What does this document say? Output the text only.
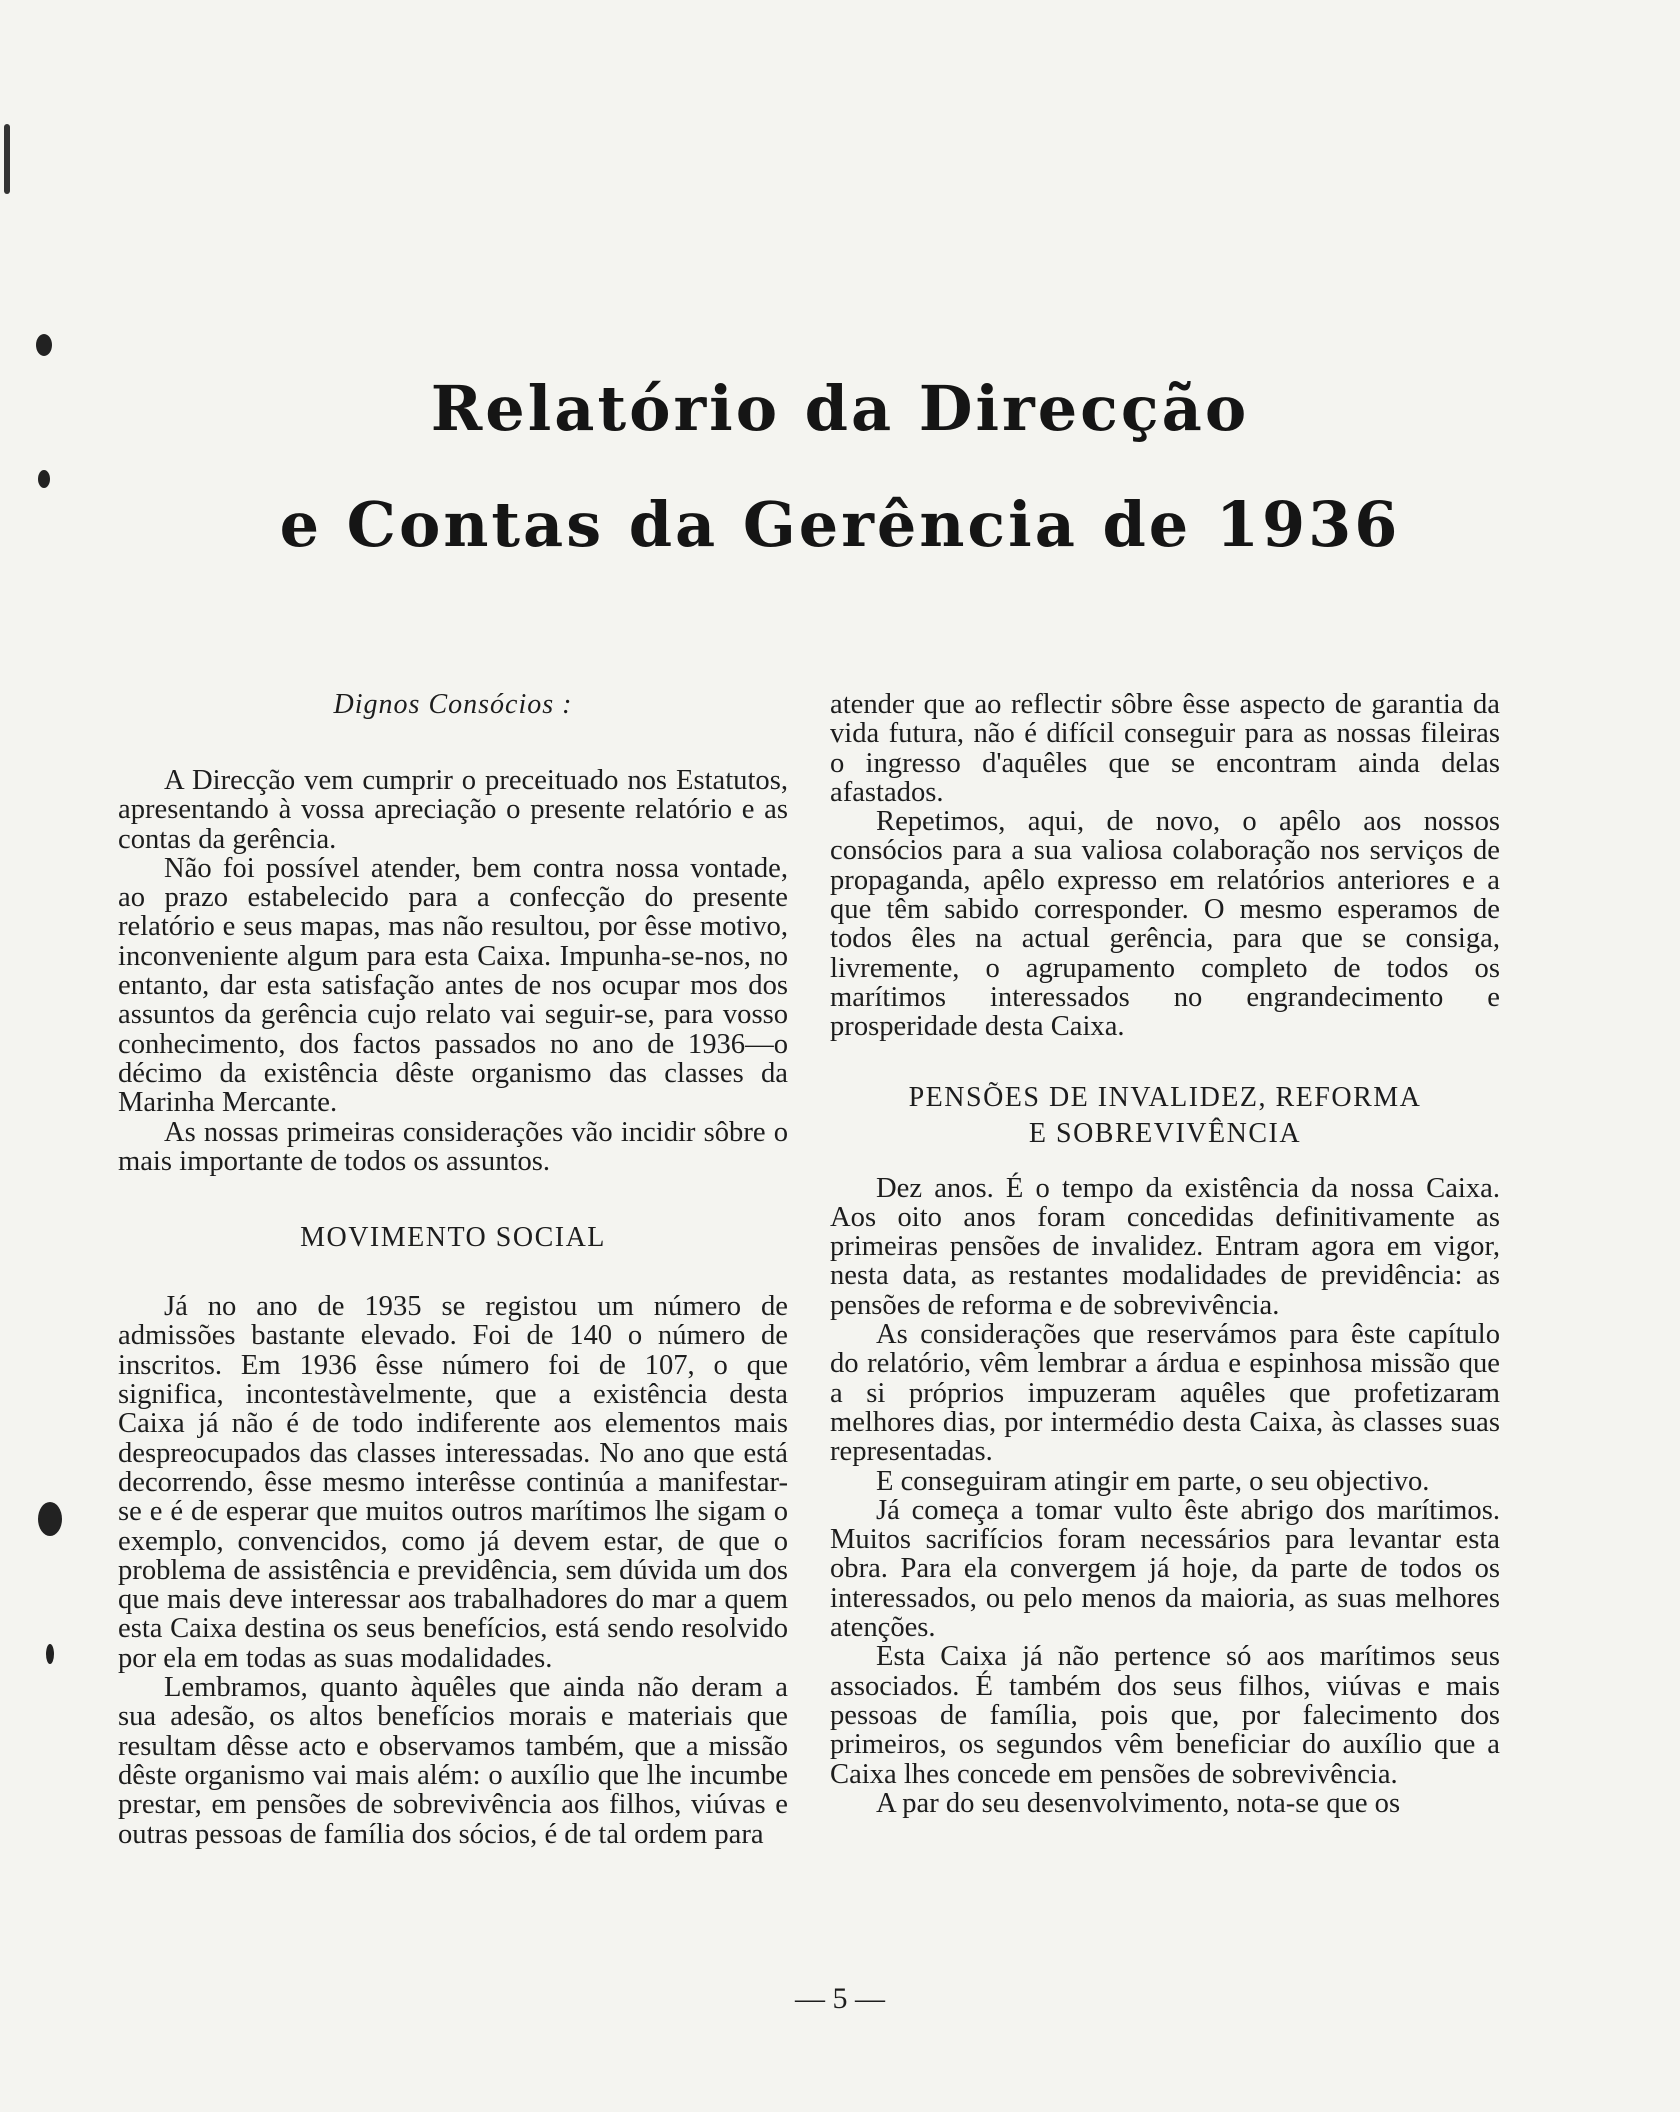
Relatório da Direcção
e Contas da Gerência de 1936
Dignos Consócios :

A Direcção vem cumprir o preceituado nos Estatutos, apresentando à vossa apreciação o presente relatório e as contas da gerência.

Não foi possível atender, bem contra nossa vontade, ao prazo estabelecido para a confecção do presente relatório e seus mapas, mas não resultou, por êsse motivo, inconveniente algum para esta Caixa. Impunha-se-nos, no entanto, dar esta satisfação antes de nos ocupar mos dos assuntos da gerência cujo relato vai seguir-se, para vosso conhecimento, dos factos passados no ano de 1936—o décimo da existência dêste organismo das classes da Marinha Mercante.

As nossas primeiras considerações vão incidir sôbre o mais importante de todos os assuntos.

MOVIMENTO SOCIAL

Já no ano de 1935 se registou um número de admissões bastante elevado. Foi de 140 o número de inscritos. Em 1936 êsse número foi de 107, o que significa, incontestàvelmente, que a existência desta Caixa já não é de todo indiferente aos elementos mais despreocupados das classes interessadas. No ano que está decorrendo, êsse mesmo interêsse continúa a manifestar-se e é de esperar que muitos outros marítimos lhe sigam o exemplo, convencidos, como já devem estar, de que o problema de assistência e previdência, sem dúvida um dos que mais deve interessar aos trabalhadores do mar a quem esta Caixa destina os seus benefícios, está sendo resolvido por ela em todas as suas modalidades.

Lembramos, quanto àquêles que ainda não deram a sua adesão, os altos benefícios morais e materiais que resultam dêsse acto e observamos também, que a missão dêste organismo vai mais além: o auxílio que lhe incumbe prestar, em pensões de sobrevivência aos filhos, viúvas e outras pessoas de família dos sócios, é de tal ordem para

atender que ao reflectir sôbre êsse aspecto de garantia da vida futura, não é difícil conseguir para as nossas fileiras o ingresso d'aquêles que se encontram ainda delas afastados.

Repetimos, aqui, de novo, o apêlo aos nossos consócios para a sua valiosa colaboração nos serviços de propaganda, apêlo expresso em relatórios anteriores e a que têm sabido corresponder. O mesmo esperamos de todos êles na actual gerência, para que se consiga, livremente, o agrupamento completo de todos os marítimos interessados no engrandecimento e prosperidade desta Caixa.

PENSÕES DE INVALIDEZ, REFORMA
E SOBREVIVÊNCIA

Dez anos. É o tempo da existência da nossa Caixa. Aos oito anos foram concedidas definitivamente as primeiras pensões de invalidez. Entram agora em vigor, nesta data, as restantes modalidades de previdência: as pensões de reforma e de sobrevivência.

As considerações que reservámos para êste capítulo do relatório, vêm lembrar a árdua e espinhosa missão que a si próprios impuzeram aquêles que profetizaram melhores dias, por intermédio desta Caixa, às classes suas representadas.

E conseguiram atingir em parte, o seu objectivo.

Já começa a tomar vulto êste abrigo dos marítimos. Muitos sacrifícios foram necessários para levantar esta obra. Para ela convergem já hoje, da parte de todos os interessados, ou pelo menos da maioria, as suas melhores atenções.

Esta Caixa já não pertence só aos marítimos seus associados. É também dos seus filhos, viúvas e mais pessoas de família, pois que, por falecimento dos primeiros, os segundos vêm beneficiar do auxílio que a Caixa lhes concede em pensões de sobrevivência.

A par do seu desenvolvimento, nota-se que os

— 5 —
